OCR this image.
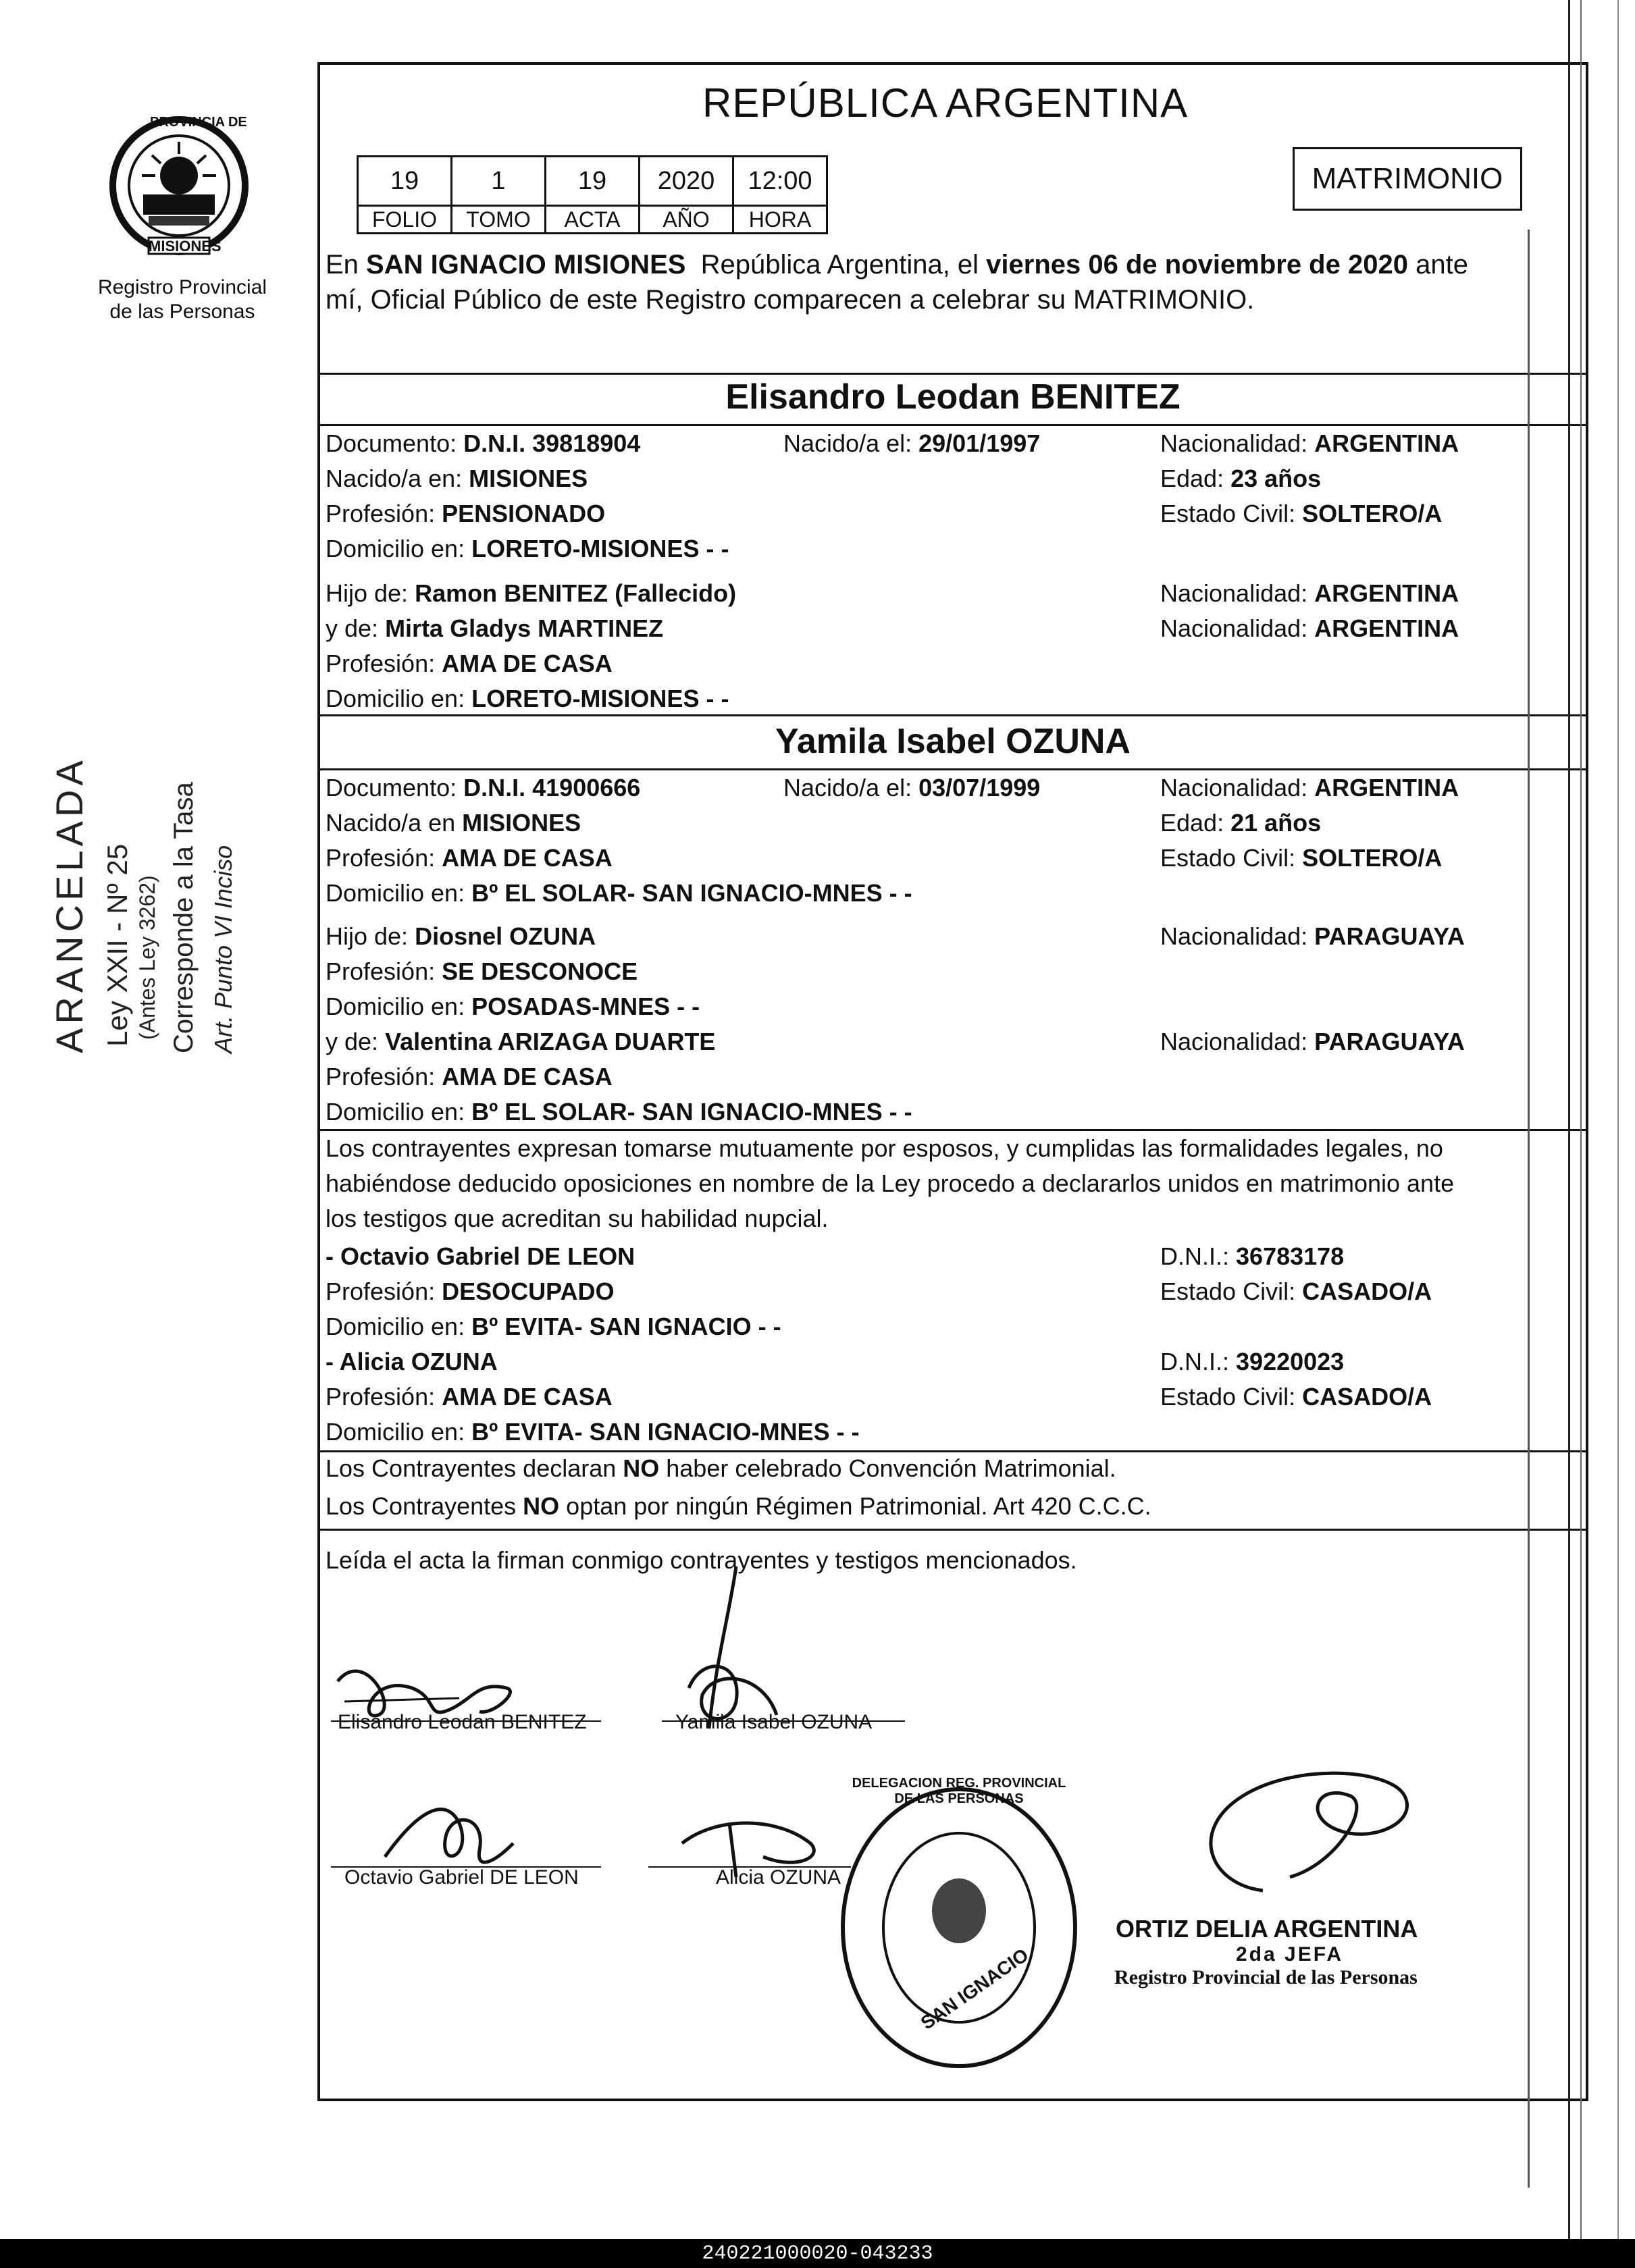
PROVINCIA DE
MISIONES
Registro Provincial
de las Personas
ARANCELADA Ley XXII - Nº 25 (Antes Ley 3262) Corresponde a la Tasa Art. Punto VI Inciso
REPÚBLICA ARGENTINA
19	1	19	2020	12:00
FOLIO	TOMO	ACTA	AÑO	HORA
MATRIMONIO
En SAN IGNACIO MISIONES  República Argentina, el viernes 06 de noviembre de 2020 ante
mí, Oficial Público de este Registro comparecen a celebrar su MATRIMONIO.
Elisandro Leodan BENITEZ
Documento: D.N.I. 39818904	Nacido/a el: 29/01/1997	Nacionalidad: ARGENTINA
Nacido/a en: MISIONES	Edad: 23 años
Profesión: PENSIONADO	Estado Civil: SOLTERO/A
Domicilio en: LORETO-MISIONES - -
Hijo de: Ramon BENITEZ (Fallecido)	Nacionalidad: ARGENTINA
y de: Mirta Gladys MARTINEZ	Nacionalidad: ARGENTINA
Profesión: AMA DE CASA
Domicilio en: LORETO-MISIONES - -
Yamila Isabel OZUNA
Documento: D.N.I. 41900666	Nacido/a el: 03/07/1999	Nacionalidad: ARGENTINA
Nacido/a en MISIONES	Edad: 21 años
Profesión: AMA DE CASA	Estado Civil: SOLTERO/A
Domicilio en: Bº EL SOLAR- SAN IGNACIO-MNES - -
Hijo de: Diosnel OZUNA	Nacionalidad: PARAGUAYA
Profesión: SE DESCONOCE
Domicilio en: POSADAS-MNES - -
y de: Valentina ARIZAGA DUARTE	Nacionalidad: PARAGUAYA
Profesión: AMA DE CASA
Domicilio en: Bº EL SOLAR- SAN IGNACIO-MNES - -
Los contrayentes expresan tomarse mutuamente por esposos, y cumplidas las formalidades legales, no
habiéndose deducido oposiciones en nombre de la Ley procedo a declararlos unidos en matrimonio ante
los testigos que acreditan su habilidad nupcial.
- Octavio Gabriel DE LEON	D.N.I.: 36783178
Profesión: DESOCUPADO	Estado Civil: CASADO/A
Domicilio en: Bº EVITA- SAN IGNACIO - -
- Alicia OZUNA	D.N.I.: 39220023
Profesión: AMA DE CASA	Estado Civil: CASADO/A
Domicilio en: Bº EVITA- SAN IGNACIO-MNES - -
Los Contrayentes declaran NO haber celebrado Convención Matrimonial.
Los Contrayentes NO optan por ningún Régimen Patrimonial. Art 420 C.C.C.
Leída el acta la firman conmigo contrayentes y testigos mencionados.
Elisandro Leodan BENITEZ	Yamila Isabel OZUNA
Octavio Gabriel DE LEON	Alicia OZUNA
ORTIZ DELIA ARGENTINA
2da JEFA
Registro Provincial de las Personas
DELEGACION REG. PROVINCIAL DE LAS PERSONAS
SAN IGNACIO
240221000020-043233
